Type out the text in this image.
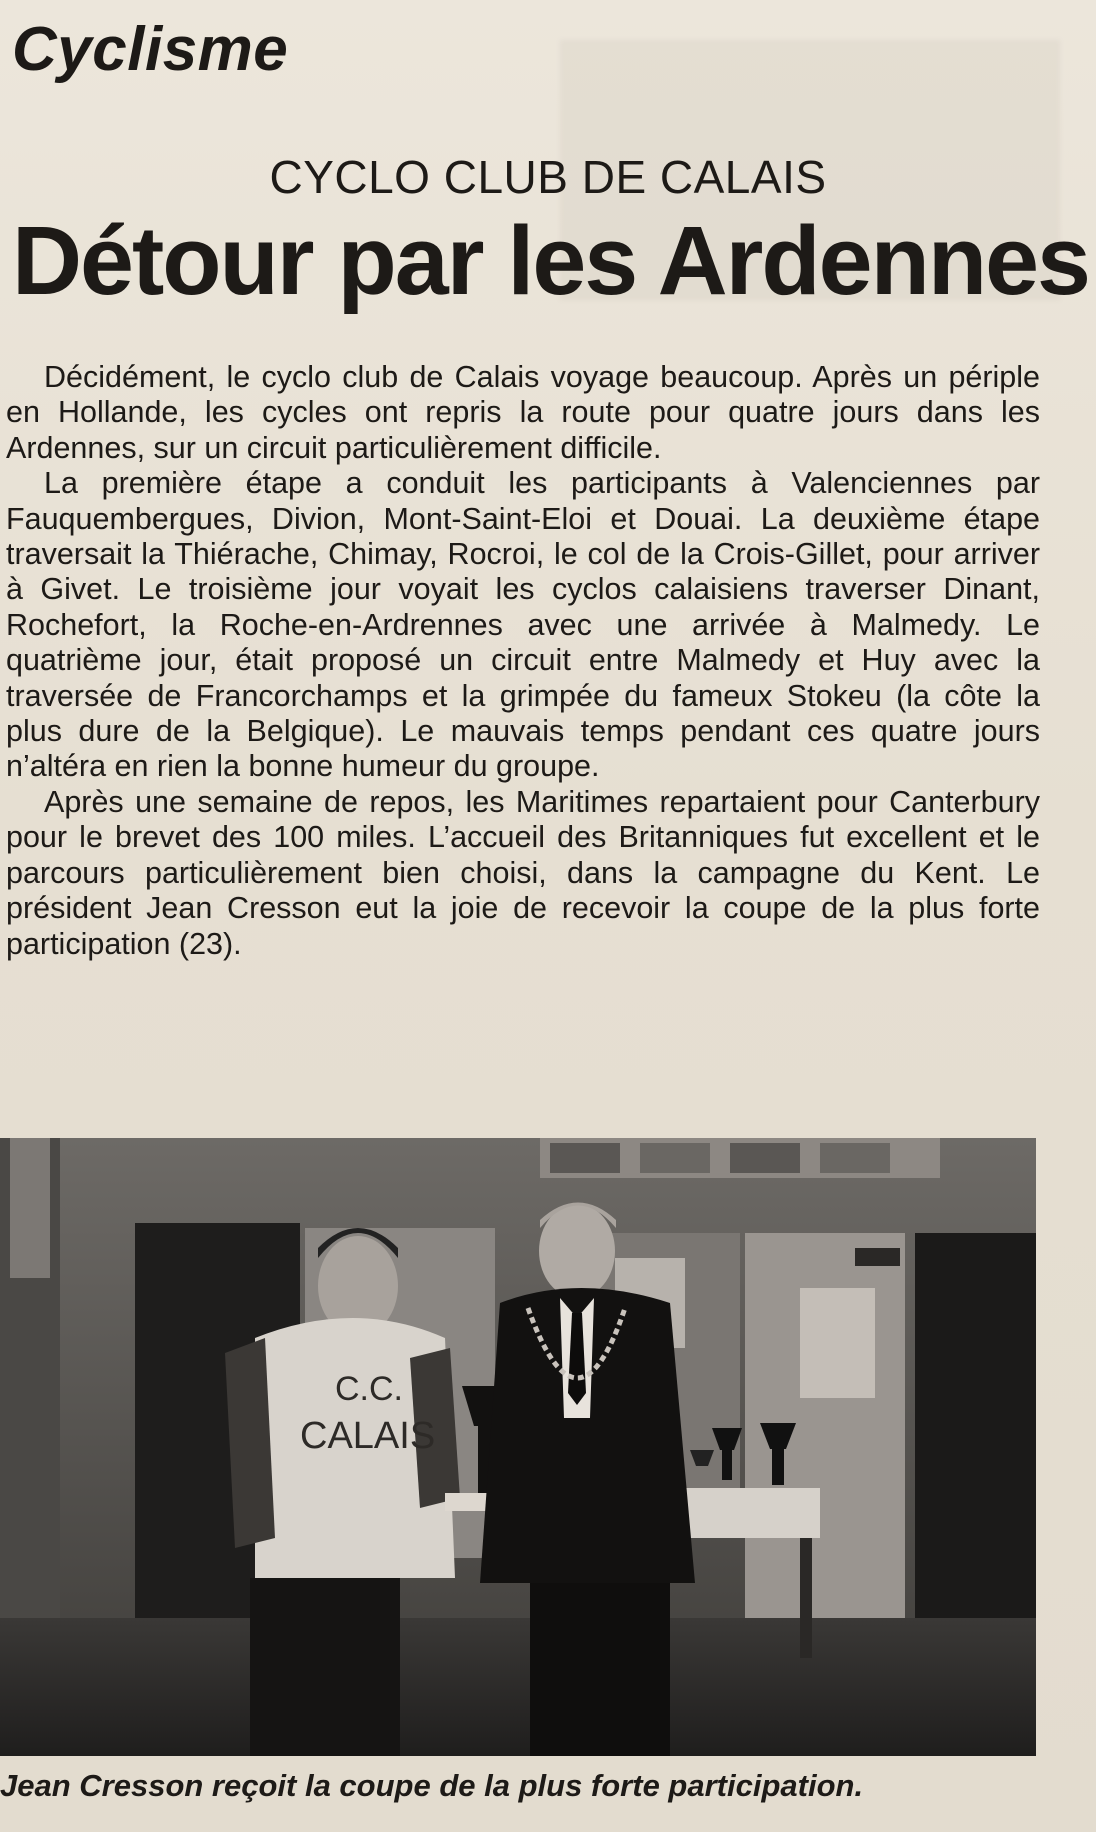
Cyclisme
CYCLO CLUB DE CALAIS
Détour par les Ardennes

Décidément, le cyclo club de Calais voyage beaucoup. Après un périple en Hollande, les cycles ont repris la route pour quatre jours dans les Ardennes, sur un circuit particulièrement difficile.

La première étape a conduit les participants à Valenciennes par Fauquembergues, Divion, Mont-Saint-Eloi et Douai. La deuxième étape traversait la Thiérache, Chimay, Rocroi, le col de la Crois-Gillet, pour arriver à Givet. Le troisième jour voyait les cyclos calaisiens traverser Dinant, Rochefort, la Roche-en-Ardrennes avec une arrivée à Malmedy. Le quatrième jour, était proposé un circuit entre Malmedy et Huy avec la traversée de Francorchamps et la grimpée du fameux Stokeu (la côte la plus dure de la Belgique). Le mauvais temps pendant ces quatre jours n’altéra en rien la bonne humeur du groupe.

Après une semaine de repos, les Maritimes repartaient pour Canterbury pour le brevet des 100 miles. L’accueil des Britanniques fut excellent et le parcours particulièrement bien choisi, dans la campagne du Kent. Le président Jean Cresson eut la joie de recevoir la coupe de la plus forte participation (23).

C.C.
CALAIS

Jean Cresson reçoit la coupe de la plus forte participation.
